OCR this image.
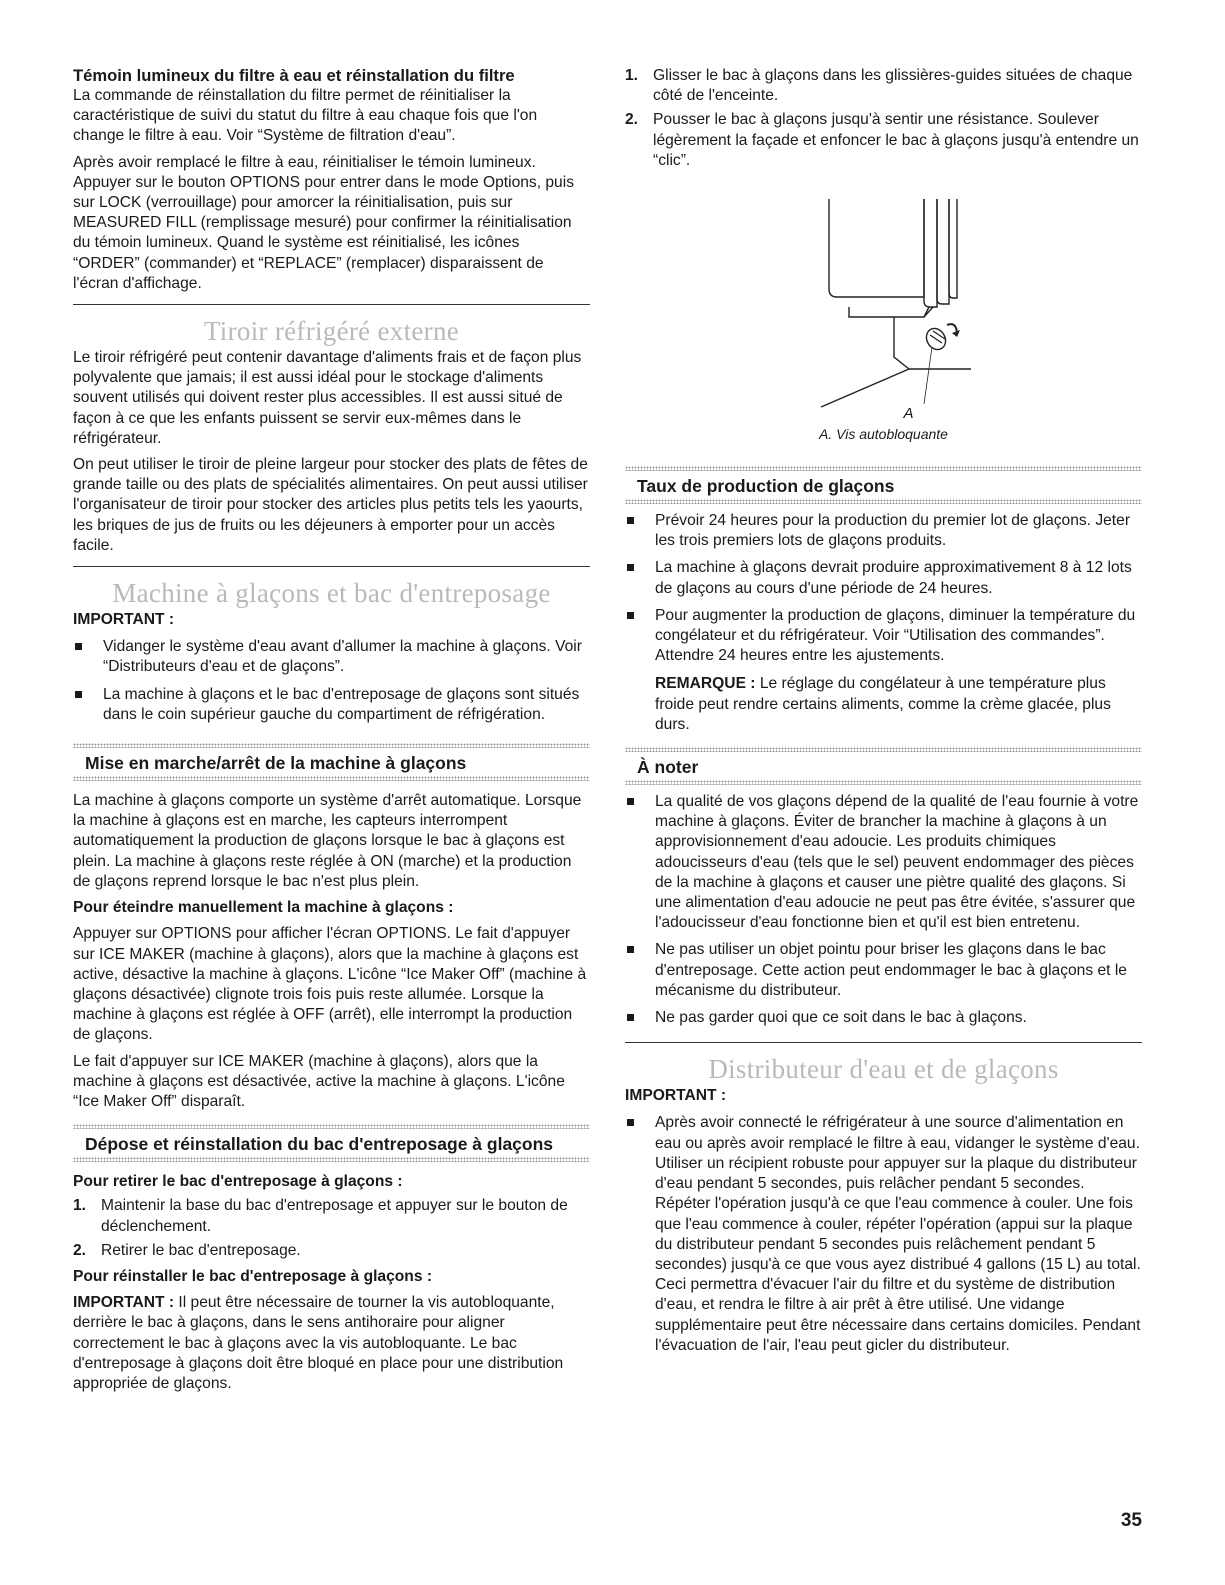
Témoin lumineux du filtre à eau et réinstallation du filtre

La commande de réinstallation du filtre permet de réinitialiser la caractéristique de suivi du statut du filtre à eau chaque fois que l'on change le filtre à eau. Voir “Système de filtration d'eau”.

Après avoir remplacé le filtre à eau, réinitialiser le témoin lumineux. Appuyer sur le bouton OPTIONS pour entrer dans le mode Options, puis sur LOCK (verrouillage) pour amorcer la réinitialisation, puis sur MEASURED FILL (remplissage mesuré) pour confirmer la réinitialisation du témoin lumineux. Quand le système est réinitialisé, les icônes “ORDER” (commander) et “REPLACE” (remplacer) disparaissent de l'écran d'affichage.

Tiroir réfrigéré externe

Le tiroir réfrigéré peut contenir davantage d'aliments frais et de façon plus polyvalente que jamais; il est aussi idéal pour le stockage d'aliments souvent utilisés qui doivent rester plus accessibles. Il est aussi situé de façon à ce que les enfants puissent se servir eux-mêmes dans le réfrigérateur.

On peut utiliser le tiroir de pleine largeur pour stocker des plats de fêtes de grande taille ou des plats de spécialités alimentaires. On peut aussi utiliser l'organisateur de tiroir pour stocker des articles plus petits tels les yaourts, les briques de jus de fruits ou les déjeuners à emporter pour un accès facile.

Machine à glaçons et bac d'entreposage

IMPORTANT :

Vidanger le système d'eau avant d'allumer la machine à glaçons. Voir “Distributeurs d'eau et de glaçons”.
La machine à glaçons et le bac d'entreposage de glaçons sont situés dans le coin supérieur gauche du compartiment de réfrigération.
Mise en marche/arrêt de la machine à glaçons

La machine à glaçons comporte un système d'arrêt automatique. Lorsque la machine à glaçons est en marche, les capteurs interrompent automatiquement la production de glaçons lorsque le bac à glaçons est plein. La machine à glaçons reste réglée à ON (marche) et la production de glaçons reprend lorsque le bac n'est plus plein.

Pour éteindre manuellement la machine à glaçons :

Appuyer sur OPTIONS pour afficher l'écran OPTIONS. Le fait d'appuyer sur ICE MAKER (machine à glaçons), alors que la machine à glaçons est active, désactive la machine à glaçons. L'icône “Ice Maker Off” (machine à glaçons désactivée) clignote trois fois puis reste allumée. Lorsque la machine à glaçons est réglée à OFF (arrêt), elle interrompt la production de glaçons.

Le fait d'appuyer sur ICE MAKER (machine à glaçons), alors que la machine à glaçons est désactivée, active la machine à glaçons. L'icône “Ice Maker Off” disparaît.

Dépose et réinstallation du bac d'entreposage à glaçons

Pour retirer le bac d'entreposage à glaçons :

1. Maintenir la base du bac d'entreposage et appuyer sur le bouton de déclenchement.
2. Retirer le bac d'entreposage.

Pour réinstaller le bac d'entreposage à glaçons :

IMPORTANT : Il peut être nécessaire de tourner la vis autobloquante, derrière le bac à glaçons, dans le sens antihoraire pour aligner correctement le bac à glaçons avec la vis autobloquante. Le bac d'entreposage à glaçons doit être bloqué en place pour une distribution appropriée de glaçons.

1. Glisser le bac à glaçons dans les glissières-guides situées de chaque côté de l'enceinte.
2. Pousser le bac à glaçons jusqu'à sentir une résistance. Soulever légèrement la façade et enfoncer le bac à glaçons jusqu'à entendre un “clic”.
A
A. Vis autobloquante
Taux de production de glaçons
Prévoir 24 heures pour la production du premier lot de glaçons. Jeter les trois premiers lots de glaçons produits.
La machine à glaçons devrait produire approximativement 8 à 12 lots de glaçons au cours d'une période de 24 heures.
Pour augmenter la production de glaçons, diminuer la température du congélateur et du réfrigérateur. Voir “Utilisation des commandes”. Attendre 24 heures entre les ajustements.

REMARQUE : Le réglage du congélateur à une température plus froide peut rendre certains aliments, comme la crème glacée, plus durs.

À noter
La qualité de vos glaçons dépend de la qualité de l'eau fournie à votre machine à glaçons. Éviter de brancher la machine à glaçons à un approvisionnement d'eau adoucie. Les produits chimiques adoucisseurs d'eau (tels que le sel) peuvent endommager des pièces de la machine à glaçons et causer une piètre qualité des glaçons. Si une alimentation d'eau adoucie ne peut pas être évitée, s'assurer que l'adoucisseur d'eau fonctionne bien et qu'il est bien entretenu.
Ne pas utiliser un objet pointu pour briser les glaçons dans le bac d'entreposage. Cette action peut endommager le bac à glaçons et le mécanisme du distributeur.
Ne pas garder quoi que ce soit dans le bac à glaçons.
Distributeur d'eau et de glaçons

IMPORTANT :

Après avoir connecté le réfrigérateur à une source d'alimentation en eau ou après avoir remplacé le filtre à eau, vidanger le système d'eau. Utiliser un récipient robuste pour appuyer sur la plaque du distributeur d'eau pendant 5 secondes, puis relâcher pendant 5 secondes. Répéter l'opération jusqu'à ce que l'eau commence à couler. Une fois que l'eau commence à couler, répéter l'opération (appui sur la plaque du distributeur pendant 5 secondes puis relâchement pendant 5 secondes) jusqu'à ce que vous ayez distribué 4 gallons (15 L) au total. Ceci permettra d'évacuer l'air du filtre et du système de distribution d'eau, et rendra le filtre à air prêt à être utilisé. Une vidange supplémentaire peut être nécessaire dans certains domiciles. Pendant l'évacuation de l'air, l'eau peut gicler du distributeur.
35
